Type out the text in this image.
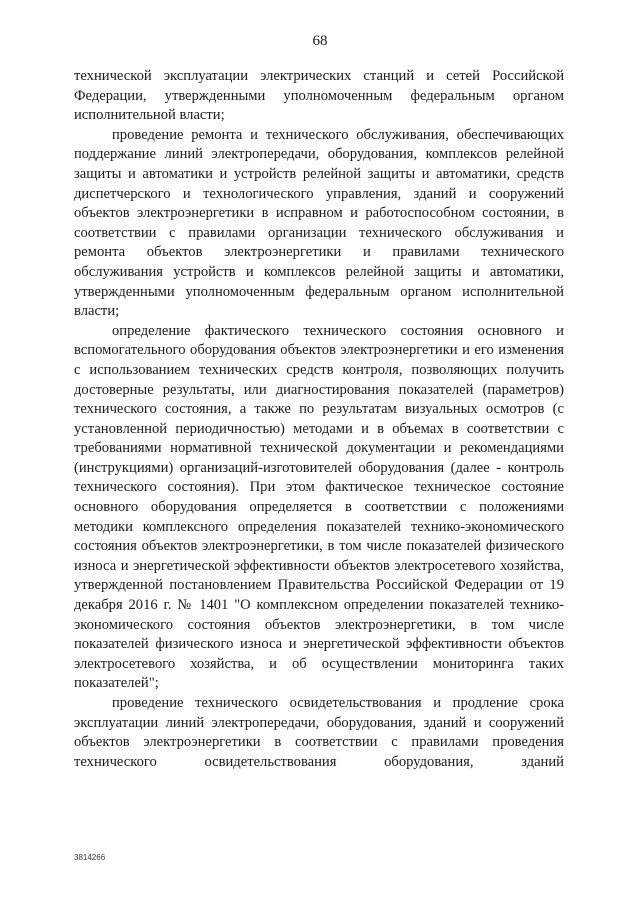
68

технической эксплуатации электрических станций и сетей Российской Федерации, утвержденными уполномоченным федеральным органом исполнительной власти;

проведение ремонта и технического обслуживания, обеспечивающих поддержание линий электропередачи, оборудования, комплексов релейной защиты и автоматики и устройств релейной защиты и автоматики, средств диспетчерского и технологического управления, зданий и сооружений объектов электроэнергетики в исправном и работоспособном состоянии, в соответствии с правилами организации технического обслуживания и ремонта объектов электроэнергетики и правилами технического обслуживания устройств и комплексов релейной защиты и автоматики, утвержденными уполномоченным федеральным органом исполнительной власти;

определение фактического технического состояния основного и вспомогательного оборудования объектов электроэнергетики и его изменения с использованием технических средств контроля, позволяющих получить достоверные результаты, или диагностирования показателей (параметров) технического состояния, а также по результатам визуальных осмотров (с установленной периодичностью) методами и в объемах в соответствии с требованиями нормативной технической документации и рекомендациями (инструкциями) организаций-изготовителей оборудования (далее - контроль технического состояния). При этом фактическое техническое состояние основного оборудования определяется в соответствии с положениями методики комплексного определения показателей технико-экономического состояния объектов электроэнергетики, в том числе показателей физического износа и энергетической эффективности объектов электросетевого хозяйства, утвержденной постановлением Правительства Российской Федерации от 19 декабря 2016 г. № 1401 "О комплексном определении показателей технико-экономического состояния объектов электроэнергетики, в том числе показателей физического износа и энергетической эффективности объектов электросетевого хозяйства, и об осуществлении мониторинга таких показателей";

проведение технического освидетельствования и продление срока эксплуатации линий электропередачи, оборудования, зданий и сооружений объектов электроэнергетики в соответствии с правилами проведения технического освидетельствования оборудования, зданий

3814266
